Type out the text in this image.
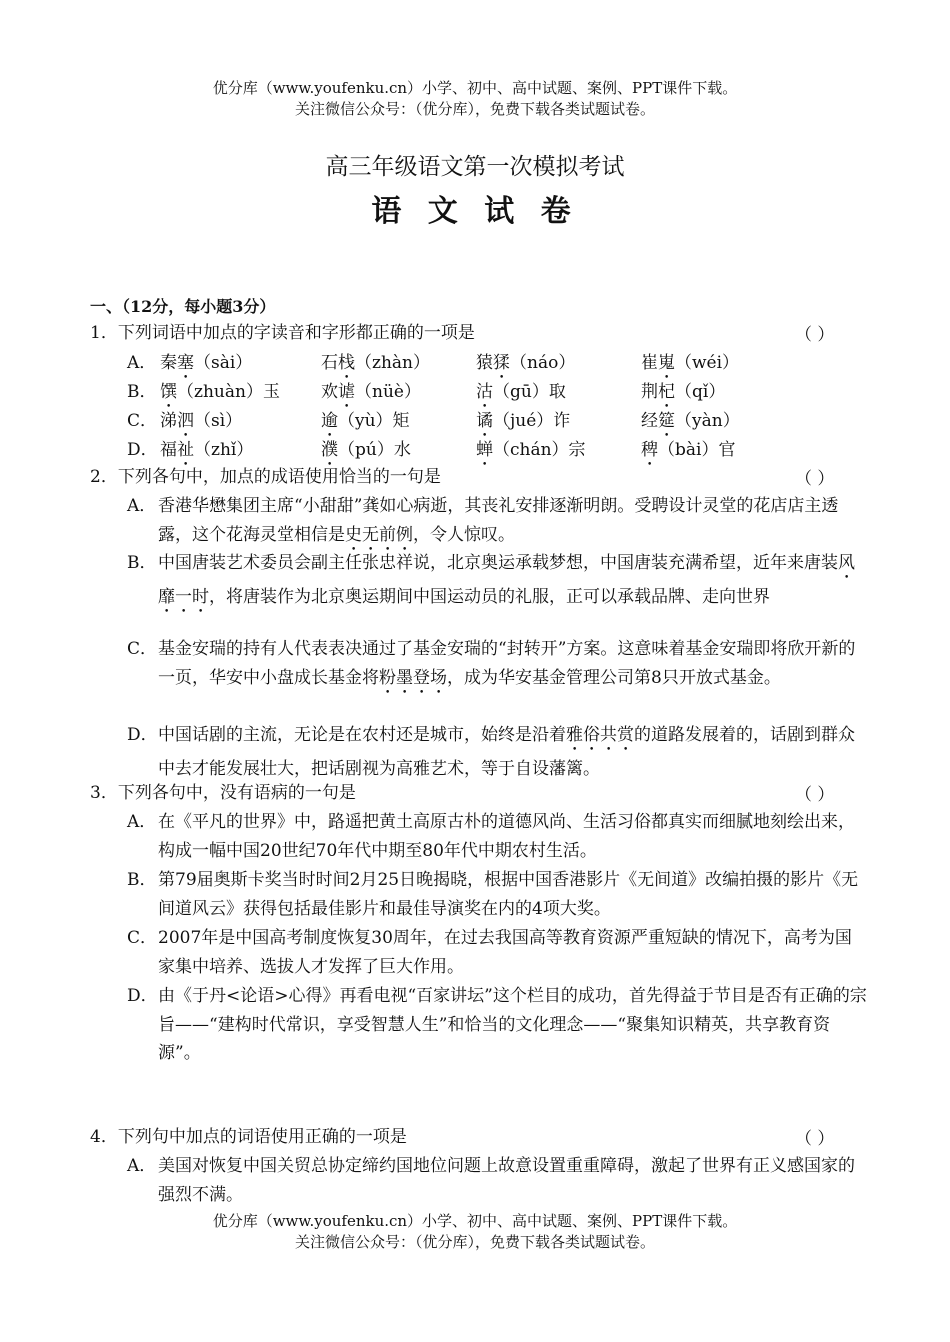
优分库（www.youfenku.cn）小学、初中、高中试题、案例、PPT课件下载。
关注微信公众号：（优分库），免费下载各类试题试卷。
高三年级语文第一次模拟考试
语 文 试 卷
一、（12分，每小题3分）
1．下列词语中加点的字读音和字形都正确的一项是	（ ）
A． 秦塞（sài）	石栈（zhàn）	猿猱（náo）	崔嵬（wéi）
B． 馔（zhuàn）玉 欢谑（nüè）	沽（gū）取	荆杞（qǐ）
C． 涕泗（sì）	逾（yù）矩	谲（jué）诈	经筵（yàn）
D． 福祉（zhǐ）	濮（pú）水	蝉（chán）宗	稗（bài）官
2．下列各句中，加点的成语使用恰当的一句是	（ ）
A． 香港华懋集团主席“小甜甜”龚如心病逝，其丧礼安排逐渐明朗。受聘设计灵堂的花店店主透露，这个花海灵堂相信是史无前例，令人惊叹。
B． 中国唐装艺术委员会副主任张忠祥说，北京奥运承载梦想，中国唐装充满希望，近年来唐装风靡一时，将唐装作为北京奥运期间中国运动员的礼服，正可以承载品牌、走向世界
C． 基金安瑞的持有人代表表决通过了基金安瑞的“封转开”方案。这意味着基金安瑞即将欣开新的一页，华安中小盘成长基金将粉墨登场，成为华安基金管理公司第8只开放式基金。
D． 中国话剧的主流，无论是在农村还是城市，始终是沿着雅俗共赏的道路发展着的，话剧到群众中去才能发展壮大，把话剧视为高雅艺术，等于自设藩篱。
3．下列各句中，没有语病的一句是	（ ）
A． 在《平凡的世界》中，路遥把黄土高原古朴的道德风尚、生活习俗都真实而细腻地刻绘出来，构成一幅中国20世纪70年代中期至80年代中期农村生活。
B． 第79届奥斯卡奖当时时间2月25日晚揭晓，根据中国香港影片《无间道》改编拍摄的影片《无间道风云》获得包括最佳影片和最佳导演奖在内的4项大奖。
C． 2007年是中国高考制度恢复30周年，在过去我国高等教育资源严重短缺的情况下，高考为国家集中培养、选拔人才发挥了巨大作用。
D． 由《于丹<论语>心得》再看电视“百家讲坛”这个栏目的成功，首先得益于节目是否有正确的宗旨——“建构时代常识，享受智慧人生”和恰当的文化理念——“聚集知识精英，共享教育资源”。
4．下列句中加点的词语使用正确的一项是	（ ）
A． 美国对恢复中国关贸总协定缔约国地位问题上故意设置重重障碍，激起了世界有正义感国家的强烈不满。
优分库（www.youfenku.cn）小学、初中、高中试题、案例、PPT课件下载。
关注微信公众号：（优分库），免费下载各类试题试卷。
